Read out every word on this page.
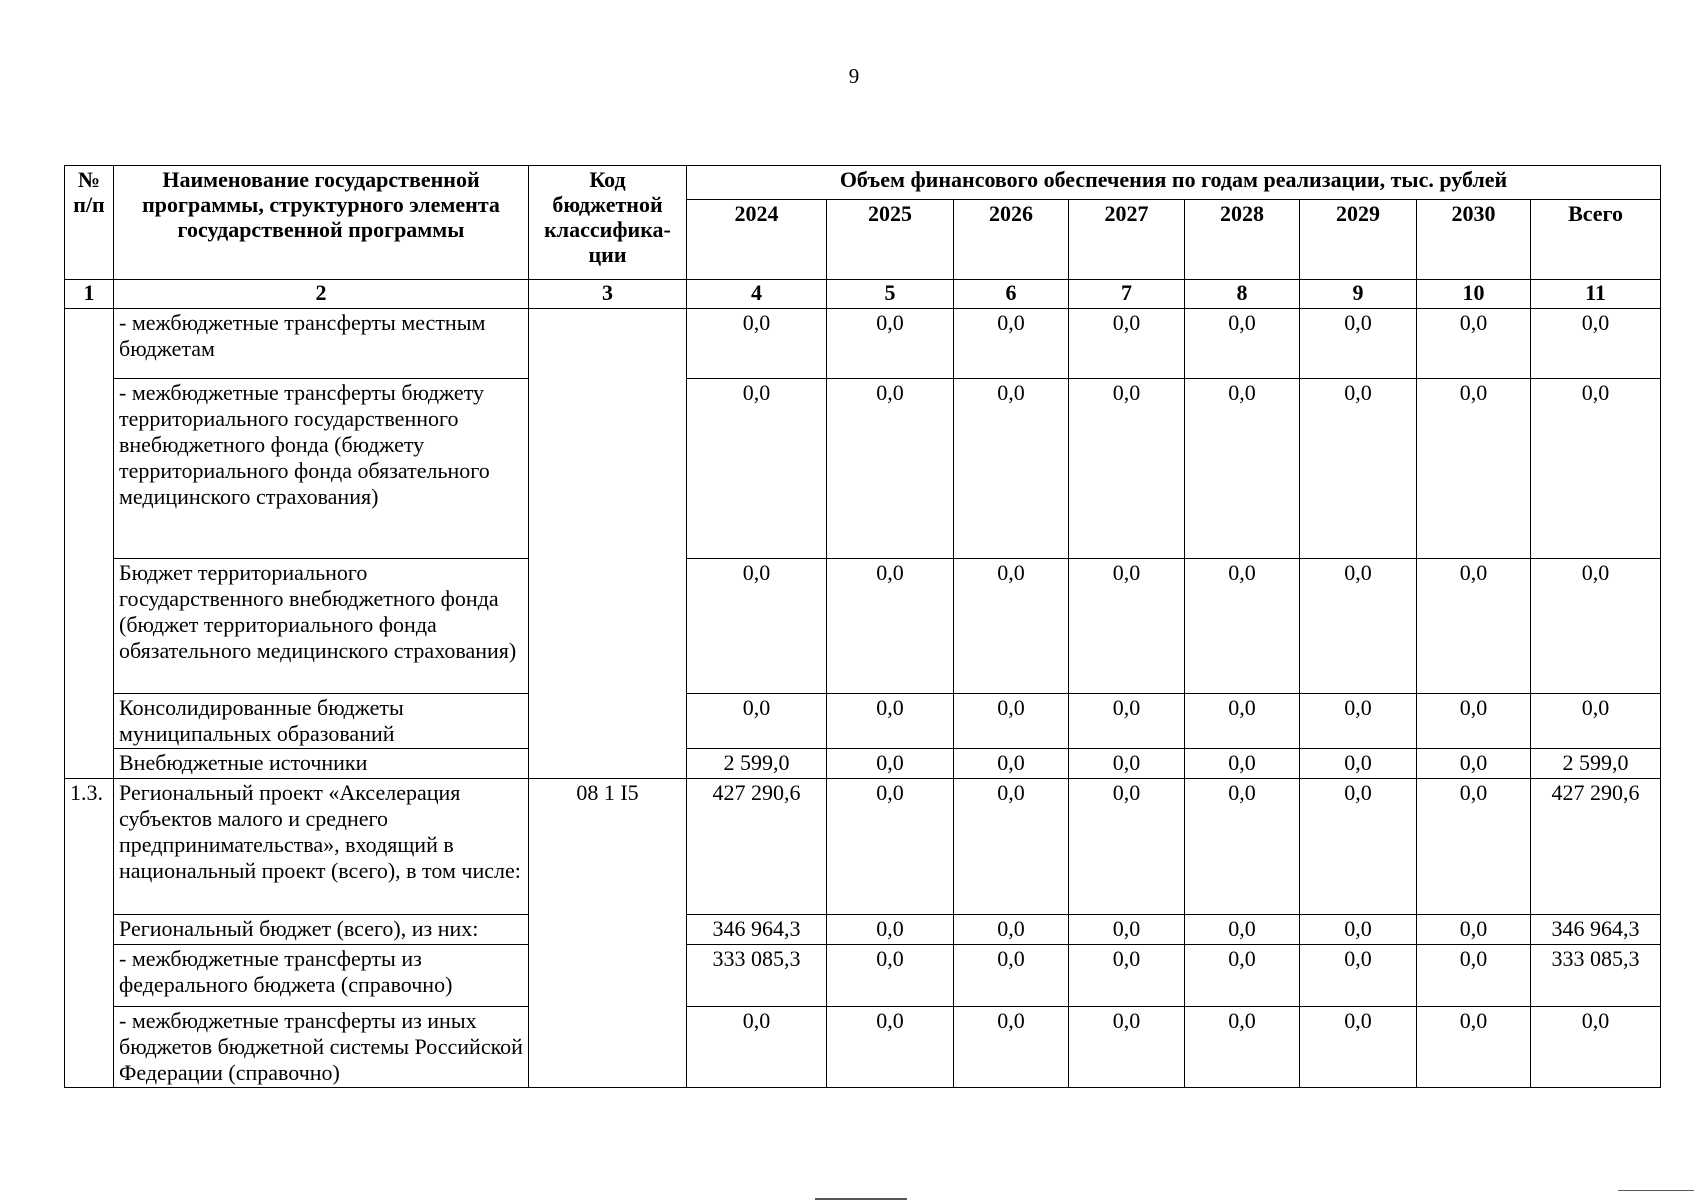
9
№
п/п	Наименование государственной программы, структурного элемента государственной программы	Код бюджетной классифика-ции	Объем финансового обеспечения по годам реализации, тыс. рублей							
			2024	2025	2026	2027	2028	2029	2030	Всего
1	2	3	4	5	6	7	8	9	10	11
	- межбюджетные трансферты местным бюджетам		0,0	0,0	0,0	0,0	0,0	0,0	0,0	0,0
	- межбюджетные трансферты бюджету территориального государственного внебюджетного фонда (бюджету территориального фонда обязательного медицинского страхования)		0,0	0,0	0,0	0,0	0,0	0,0	0,0	0,0
	Бюджет территориального государственного внебюджетного фонда (бюджет территориального фонда обязательного медицинского страхования)		0,0	0,0	0,0	0,0	0,0	0,0	0,0	0,0
	Консолидированные бюджеты муниципальных образований		0,0	0,0	0,0	0,0	0,0	0,0	0,0	0,0
	Внебюджетные источники		2 599,0	0,0	0,0	0,0	0,0	0,0	0,0	2 599,0
1.3.	Региональный проект «Акселерация субъектов малого и среднего предпринимательства», входящий в национальный проект (всего), в том числе:	08 1 I5	427 290,6	0,0	0,0	0,0	0,0	0,0	0,0	427 290,6
	Региональный бюджет (всего), из них:		346 964,3	0,0	0,0	0,0	0,0	0,0	0,0	346 964,3
	- межбюджетные трансферты из федерального бюджета (справочно)		333 085,3	0,0	0,0	0,0	0,0	0,0	0,0	333 085,3
	- межбюджетные трансферты из иных бюджетов бюджетной системы Российской Федерации (справочно)		0,0	0,0	0,0	0,0	0,0	0,0	0,0	0,0
